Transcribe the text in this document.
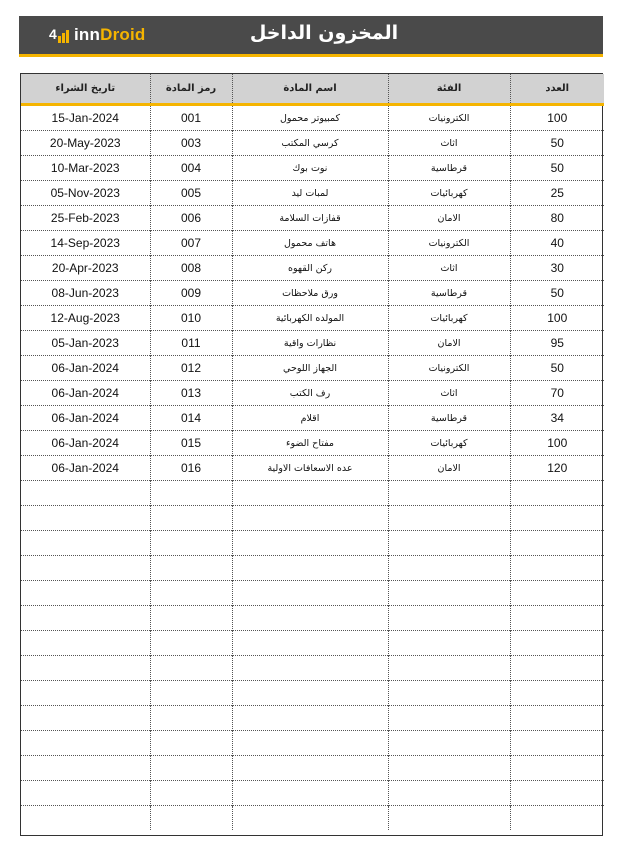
4 innDroid	المخزون الداخل
تاريخ الشراء	رمز المادة	اسم المادة	الفئة	العدد
15-Jan-2024	001	كمبيوتر محمول	الكترونيات	100
20-May-2023	003	كرسي المكتب	اثاث	50
10-Mar-2023	004	نوت بوك	قرطاسية	50
05-Nov-2023	005	لمبات ليد	كهربائيات	25
25-Feb-2023	006	قفازات السلامة	الامان	80
14-Sep-2023	007	هاتف محمول	الكترونيات	40
20-Apr-2023	008	ركن القهوه	اثاث	30
08-Jun-2023	009	ورق ملاحظات	قرطاسية	50
12-Aug-2023	010	المولده الكهربائية	كهربائيات	100
05-Jan-2023	011	نظارات واقية	الامان	95
06-Jan-2024	012	الجهاز اللوحي	الكترونيات	50
06-Jan-2024	013	رف الكتب	اثاث	70
06-Jan-2024	014	اقلام	قرطاسية	34
06-Jan-2024	015	مفتاح الضوء	كهربائيات	100
06-Jan-2024	016	عده الاسعافات الاولية	الامان	120
